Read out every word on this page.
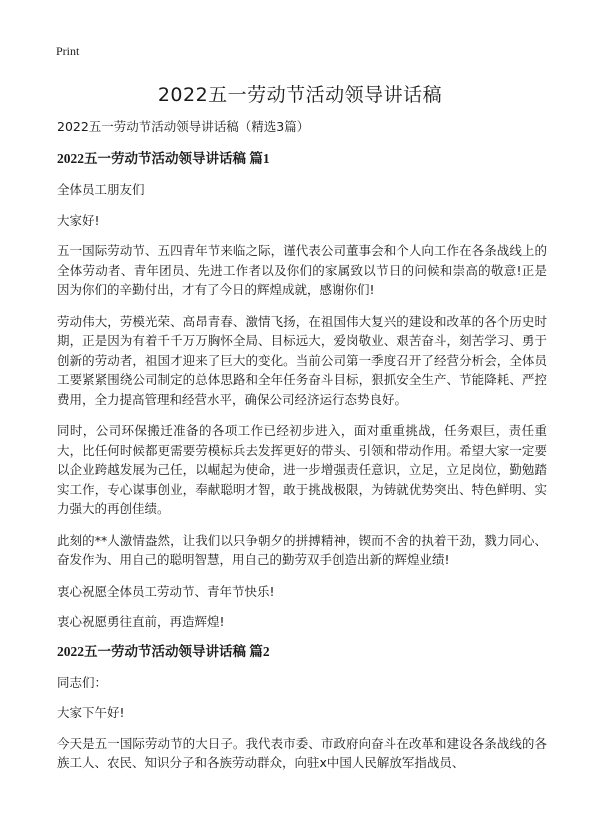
Print
2022五一劳动节活动领导讲话稿

2022五一劳动节活动领导讲话稿（精选3篇）

2022五一劳动节活动领导讲话稿 篇1

全体员工朋友们

大家好!

五一国际劳动节、五四青年节来临之际，谨代表公司董事会和个人向工作在各条战线上的全体劳动者、青年团员、先进工作者以及你们的家属致以节日的问候和崇高的敬意!正是因为你们的辛勤付出，才有了今日的辉煌成就，感谢你们!

劳动伟大，劳模光荣、高昂青春、激情飞扬，在祖国伟大复兴的建设和改革的各个历史时期，正是因为有着千千万万胸怀全局、目标远大，爱岗敬业、艰苦奋斗，刻苦学习、勇于创新的劳动者，祖国才迎来了巨大的变化。当前公司第一季度召开了经营分析会，全体员工要紧紧围绕公司制定的总体思路和全年任务奋斗目标，狠抓安全生产、节能降耗、严控费用，全力提高管理和经营水平，确保公司经济运行态势良好。

同时，公司环保搬迁准备的各项工作已经初步进入，面对重重挑战，任务艰巨，责任重大，比任何时候都更需要劳模标兵去发挥更好的带头、引领和带动作用。希望大家一定要以企业跨越发展为己任，以崛起为使命，进一步增强责任意识，立足，立足岗位，勤勉踏实工作，专心谋事创业，奉献聪明才智，敢于挑战极限，为铸就优势突出、特色鲜明、实力强大的再创佳绩。

此刻的**人激情盎然，让我们以只争朝夕的拼搏精神，锲而不舍的执着干劲，戮力同心、奋发作为、用自己的聪明智慧，用自己的勤劳双手创造出新的辉煌业绩!

衷心祝愿全体员工劳动节、青年节快乐!

衷心祝愿勇往直前，再造辉煌!

2022五一劳动节活动领导讲话稿 篇2

同志们：

大家下午好!

今天是五一国际劳动节的大日子。我代表市委、市政府向奋斗在改革和建设各条战线的各族工人、农民、知识分子和各族劳动群众，向驻x中国人民解放军指战员、
